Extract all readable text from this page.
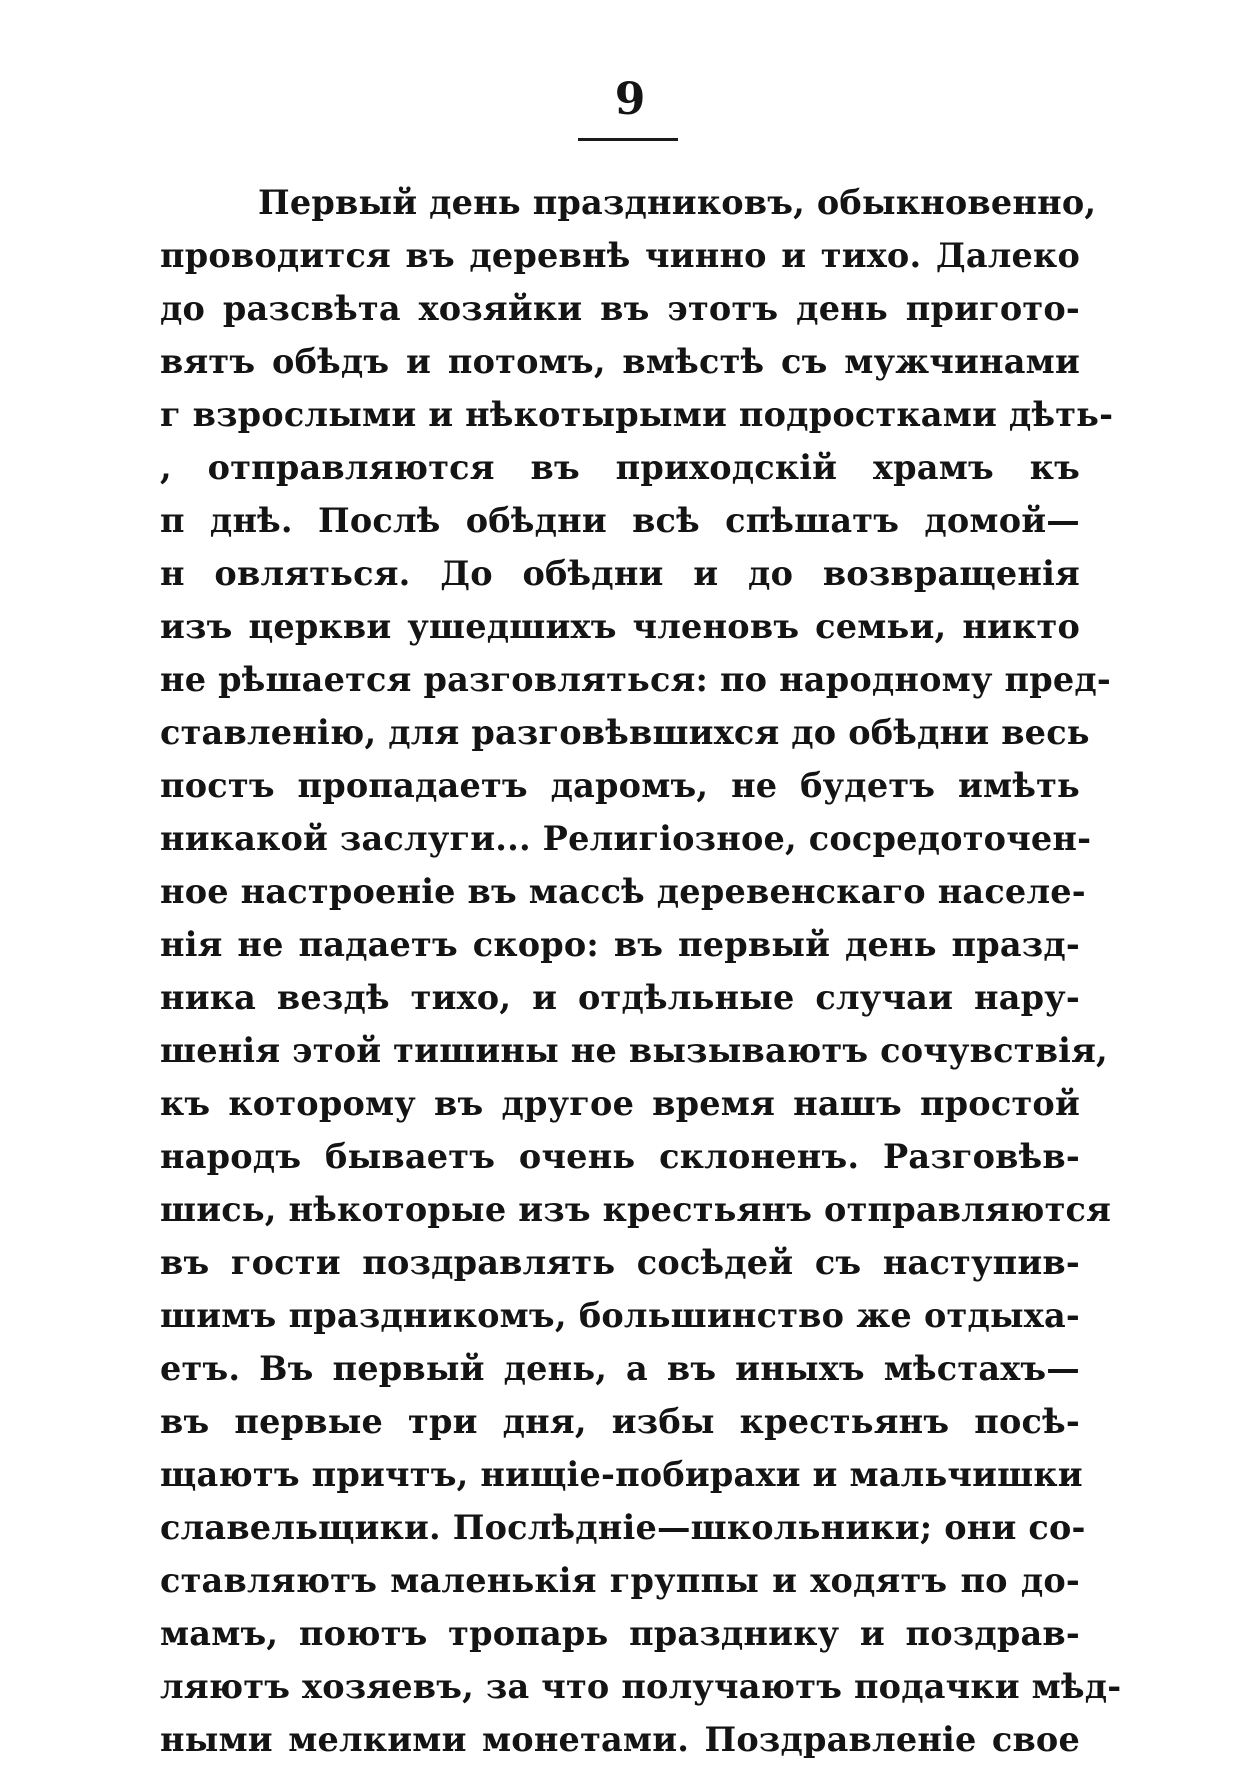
9
Первый день праздниковъ, обыкновенно,
проводится въ деревнѣ чинно и тихо. Далеко
до разсвѣта хозяйки въ этотъ день пригото-
вятъ обѣдъ и потомъ, вмѣстѣ съ мужчинами
г взрослыми и нѣкотырыми подростками дѣть-
, отправляются въ приходскій храмъ къ
п днѣ. Послѣ обѣдни всѣ спѣшатъ домой—
н овляться. До обѣдни и до возвращенія
изъ церкви ушедшихъ членовъ семьи, никто
не рѣшается разговляться: по народному пред-
ставленію, для разговѣвшихся до обѣдни весь
постъ пропадаетъ даромъ, не будетъ имѣть
никакой заслуги... Религіозное, сосредоточен-
ное настроеніе въ массѣ деревенскаго населе-
нія не падаетъ скоро: въ первый день празд-
ника вездѣ тихо, и отдѣльные случаи нару-
шенія этой тишины не вызываютъ сочувствія,
къ которому въ другое время нашъ простой
народъ бываетъ очень склоненъ. Разговѣв-
шись, нѣкоторые изъ крестьянъ отправляются
въ гости поздравлять сосѣдей съ наступив-
шимъ праздникомъ, большинство же отдыха-
етъ. Въ первый день, а въ иныхъ мѣстахъ—
въ первые три дня, избы крестьянъ посѣ-
щаютъ причтъ, нищіе-побирахи и мальчишки
славельщики. Послѣдніе—школьники; они со-
ставляютъ маленькія группы и ходятъ по до-
мамъ, поютъ тропарь празднику и поздрав-
ляютъ хозяевъ, за что получаютъ подачки мѣд-
ными мелкими монетами. Поздравленіе свое
